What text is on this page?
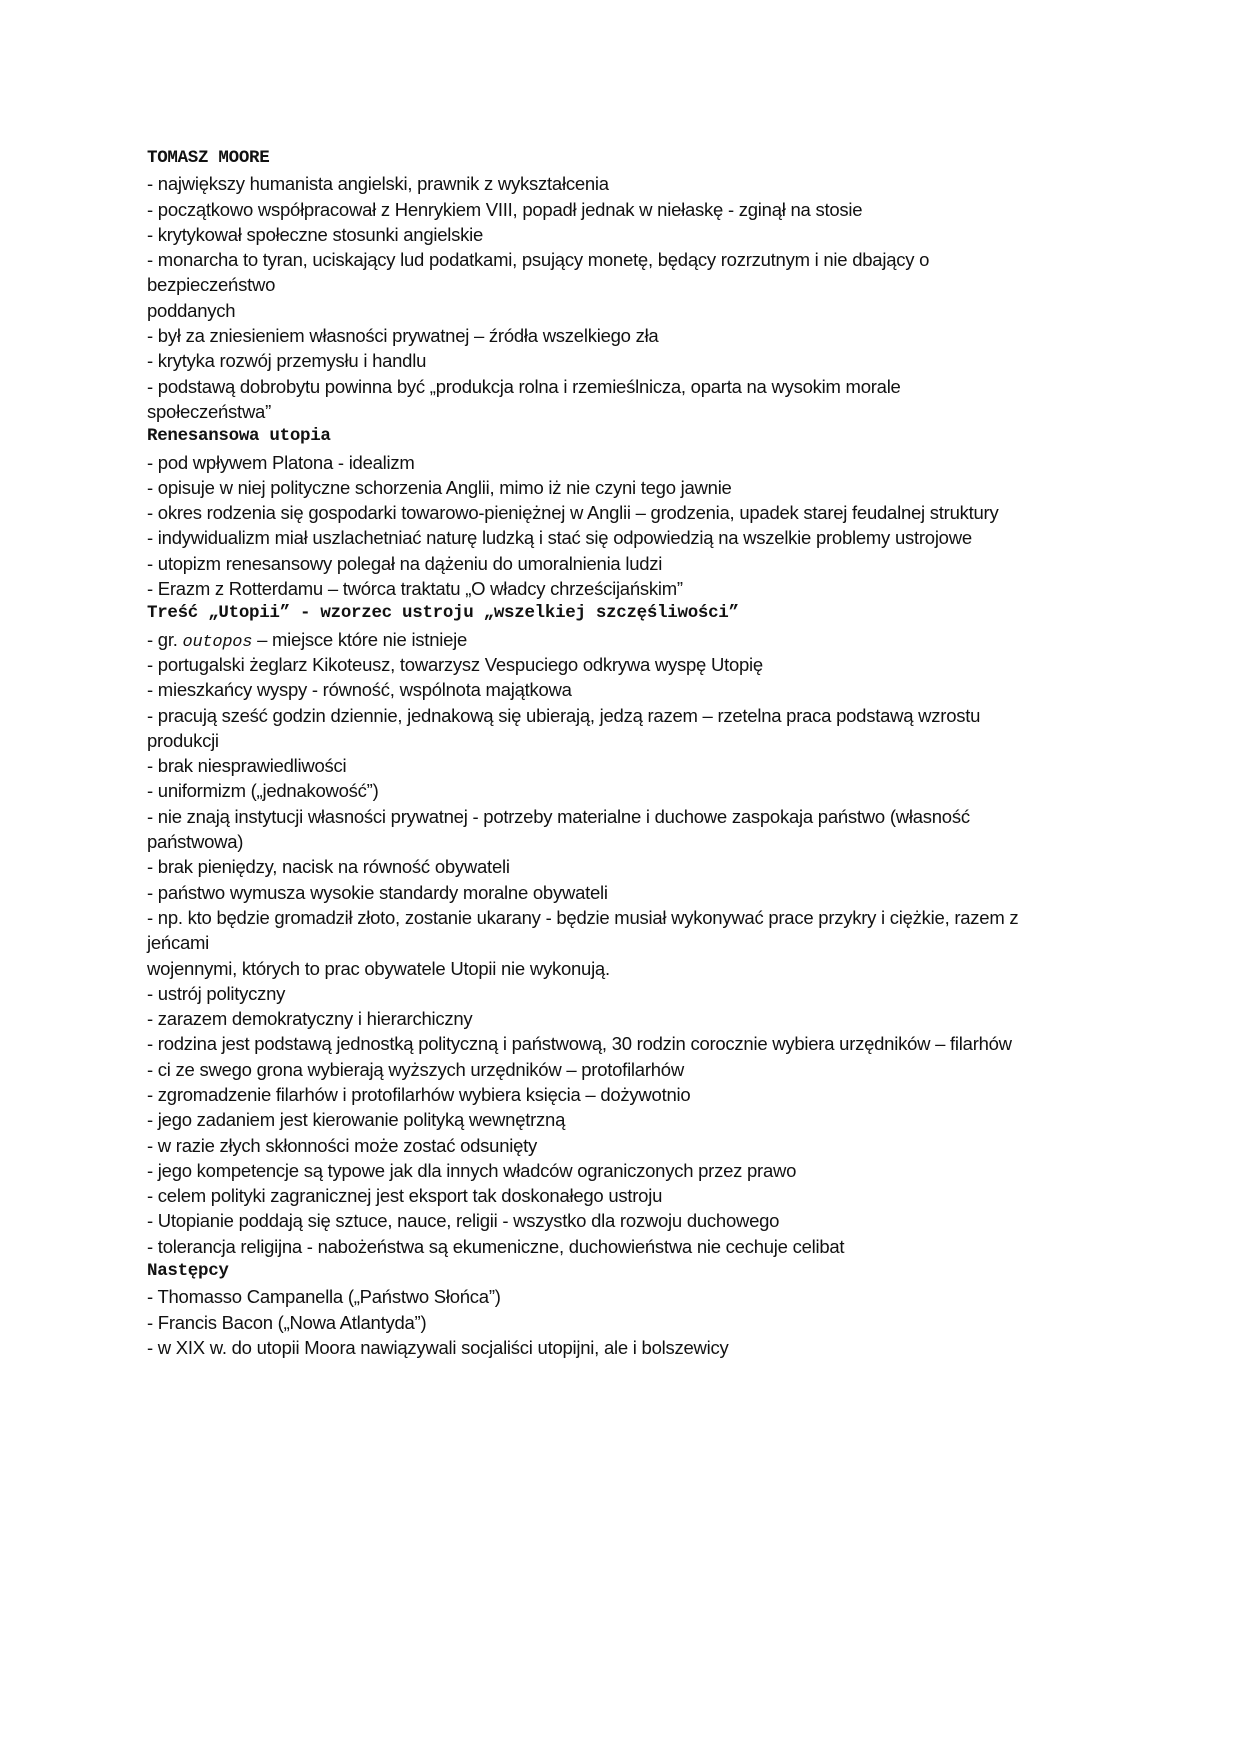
TOMASZ MOORE
- największy humanista angielski, prawnik z wykształcenia
- początkowo współpracował z Henrykiem VIII, popadł jednak w niełaskę - zginął na stosie
- krytykował społeczne stosunki angielskie
- monarcha to tyran, uciskający lud podatkami, psujący monetę, będący rozrzutnym i nie dbający o
bezpieczeństwo
poddanych
- był za zniesieniem własności prywatnej – źródła wszelkiego zła
- krytyka rozwój przemysłu i handlu
- podstawą dobrobytu powinna być „produkcja rolna i rzemieślnicza, oparta na wysokim morale
społeczeństwa”
Renesansowa utopia
- pod wpływem Platona - idealizm
- opisuje w niej polityczne schorzenia Anglii, mimo iż nie czyni tego jawnie
- okres rodzenia się gospodarki towarowo-pieniężnej w Anglii – grodzenia, upadek starej feudalnej struktury
- indywidualizm miał uszlachetniać naturę ludzką i stać się odpowiedzią na wszelkie problemy ustrojowe
- utopizm renesansowy polegał na dążeniu do umoralnienia ludzi
- Erazm z Rotterdamu – twórca traktatu „O władcy chrześcijańskim”
Treść „Utopii” - wzorzec ustroju „wszelkiej szczęśliwości”
- gr. outopos – miejsce które nie istnieje
- portugalski żeglarz Kikoteusz, towarzysz Vespuciego odkrywa wyspę Utopię
- mieszkańcy wyspy - równość, wspólnota majątkowa
- pracują sześć godzin dziennie, jednakową się ubierają, jedzą razem – rzetelna praca podstawą wzrostu
produkcji
- brak niesprawiedliwości
- uniformizm („jednakowość”)
- nie znają instytucji własności prywatnej - potrzeby materialne i duchowe zaspokaja państwo (własność
państwowa)
- brak pieniędzy, nacisk na równość obywateli
- państwo wymusza wysokie standardy moralne obywateli
- np. kto będzie gromadził złoto, zostanie ukarany - będzie musiał wykonywać prace przykry i ciężkie, razem z
jeńcami
wojennymi, których to prac obywatele Utopii nie wykonują.
- ustrój polityczny
- zarazem demokratyczny i hierarchiczny
- rodzina jest podstawą jednostką polityczną i państwową, 30 rodzin corocznie wybiera urzędników – filarhów
- ci ze swego grona wybierają wyższych urzędników – protofilarhów
- zgromadzenie filarhów i protofilarhów wybiera księcia – dożywotnio
- jego zadaniem jest kierowanie polityką wewnętrzną
- w razie złych skłonności może zostać odsunięty
- jego kompetencje są typowe jak dla innych władców ograniczonych przez prawo
- celem polityki zagranicznej jest eksport tak doskonałego ustroju
- Utopianie poddają się sztuce, nauce, religii - wszystko dla rozwoju duchowego
- tolerancja religijna - nabożeństwa są ekumeniczne, duchowieństwa nie cechuje celibat
Następcy
- Thomasso Campanella („Państwo Słońca”)
- Francis Bacon („Nowa Atlantyda”)
- w XIX w. do utopii Moora nawiązywali socjaliści utopijni, ale i bolszewicy
